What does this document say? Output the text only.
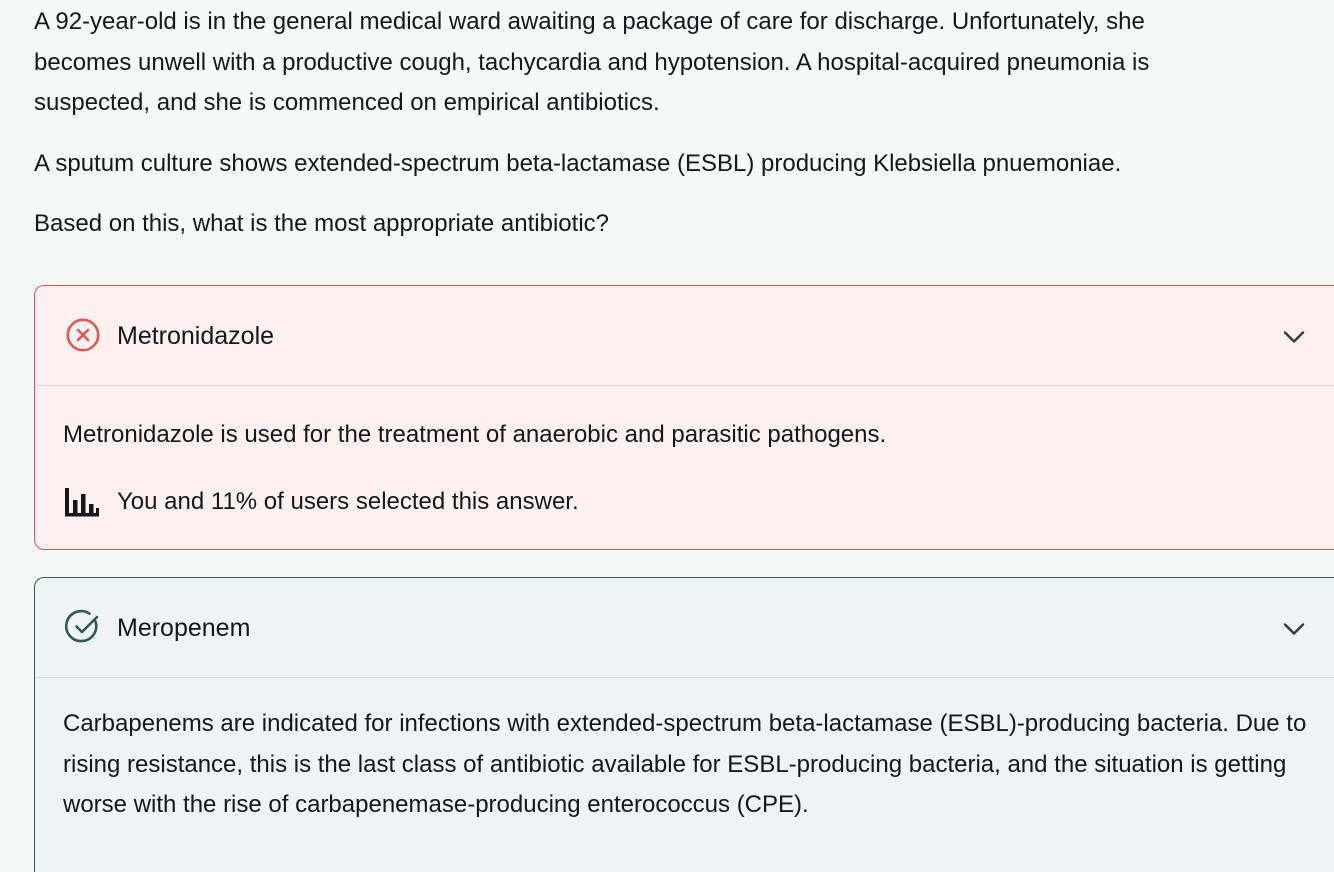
A 92-year-old is in the general medical ward awaiting a package of care for discharge. Unfortunately, she
becomes unwell with a productive cough, tachycardia and hypotension. A hospital-acquired pneumonia is
suspected, and she is commenced on empirical antibiotics.

A sputum culture shows extended-spectrum beta-lactamase (ESBL) producing Klebsiella pnuemoniae.

Based on this, what is the most appropriate antibiotic?

Metronidazole
Metronidazole is used for the treatment of anaerobic and parasitic pathogens.
You and 11% of users selected this answer.
Meropenem
Carbapenems are indicated for infections with extended-spectrum beta-lactamase (ESBL)-producing bacteria. Due to rising resistance, this is the last class of antibiotic available for ESBL-producing bacteria, and the situation is getting worse with the rise of carbapenemase-producing enterococcus (CPE).
